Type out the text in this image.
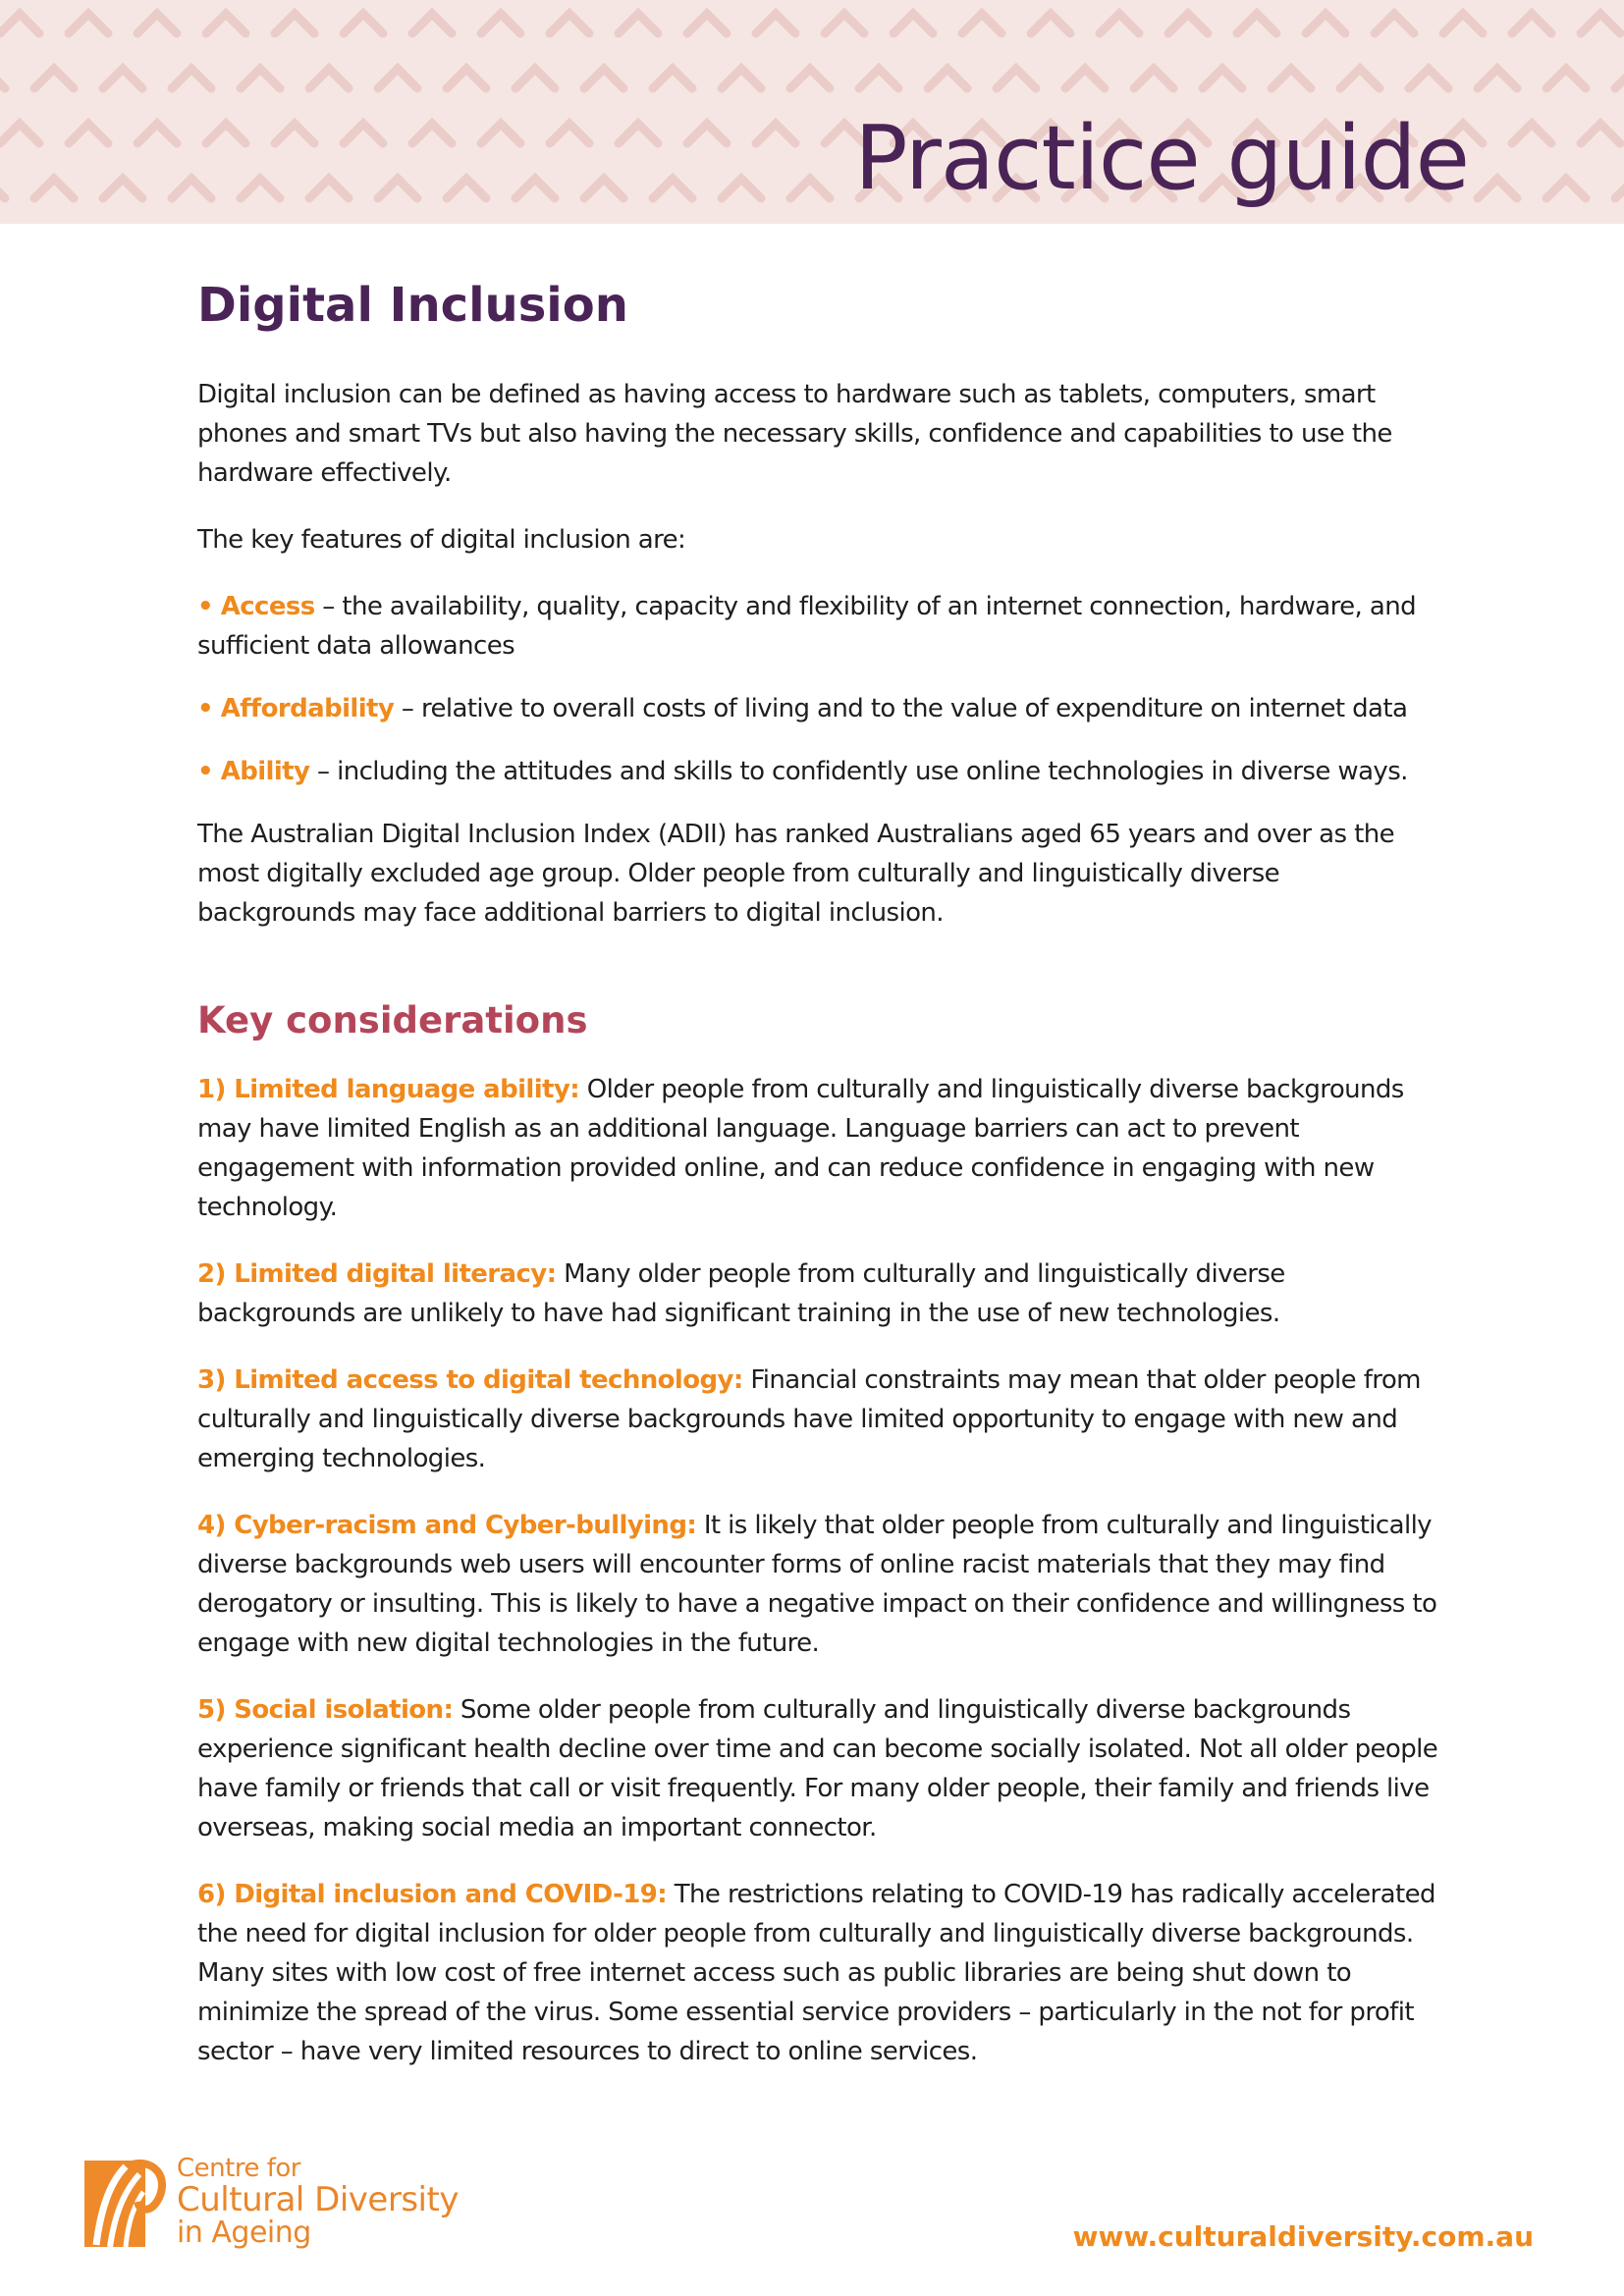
Practice guide
Digital Inclusion

Digital inclusion can be defined as having access to hardware such as tablets, computers, smart phones and smart TVs but also having the necessary skills, confidence and capabilities to use the hardware effectively.

The key features of digital inclusion are:

• Access – the availability, quality, capacity and flexibility of an internet connection, hardware, and sufficient data allowances

• Affordability – relative to overall costs of living and to the value of expenditure on internet data

• Ability – including the attitudes and skills to confidently use online technologies in diverse ways.

The Australian Digital Inclusion Index (ADII) has ranked Australians aged 65 years and over as the most digitally excluded age group. Older people from culturally and linguistically diverse backgrounds may face additional barriers to digital inclusion.

Key considerations

1) Limited language ability: Older people from culturally and linguistically diverse backgrounds may have limited English as an additional language. Language barriers can act to prevent engagement with information provided online, and can reduce confidence in engaging with new technology.

2) Limited digital literacy: Many older people from culturally and linguistically diverse backgrounds are unlikely to have had significant training in the use of new technologies.

3) Limited access to digital technology: Financial constraints may mean that older people from culturally and linguistically diverse backgrounds have limited opportunity to engage with new and emerging technologies.

4) Cyber-racism and Cyber-bullying: It is likely that older people from culturally and linguistically diverse backgrounds web users will encounter forms of online racist materials that they may find derogatory or insulting. This is likely to have a negative impact on their confidence and willingness to engage with new digital technologies in the future.

5) Social isolation: Some older people from culturally and linguistically diverse backgrounds experience significant health decline over time and can become socially isolated. Not all older people have family or friends that call or visit frequently. For many older people, their family and friends live overseas, making social media an important connector.

6) Digital inclusion and COVID-19: The restrictions relating to COVID-19 has radically accelerated the need for digital inclusion for older people from culturally and linguistically diverse backgrounds. Many sites with low cost of free internet access such as public libraries are being shut down to minimize the spread of the virus. Some essential service providers – particularly in the not for profit sector – have very limited resources to direct to online services.

Centre for
Cultural Diversity
in Ageing	www.culturaldiversity.com.au
